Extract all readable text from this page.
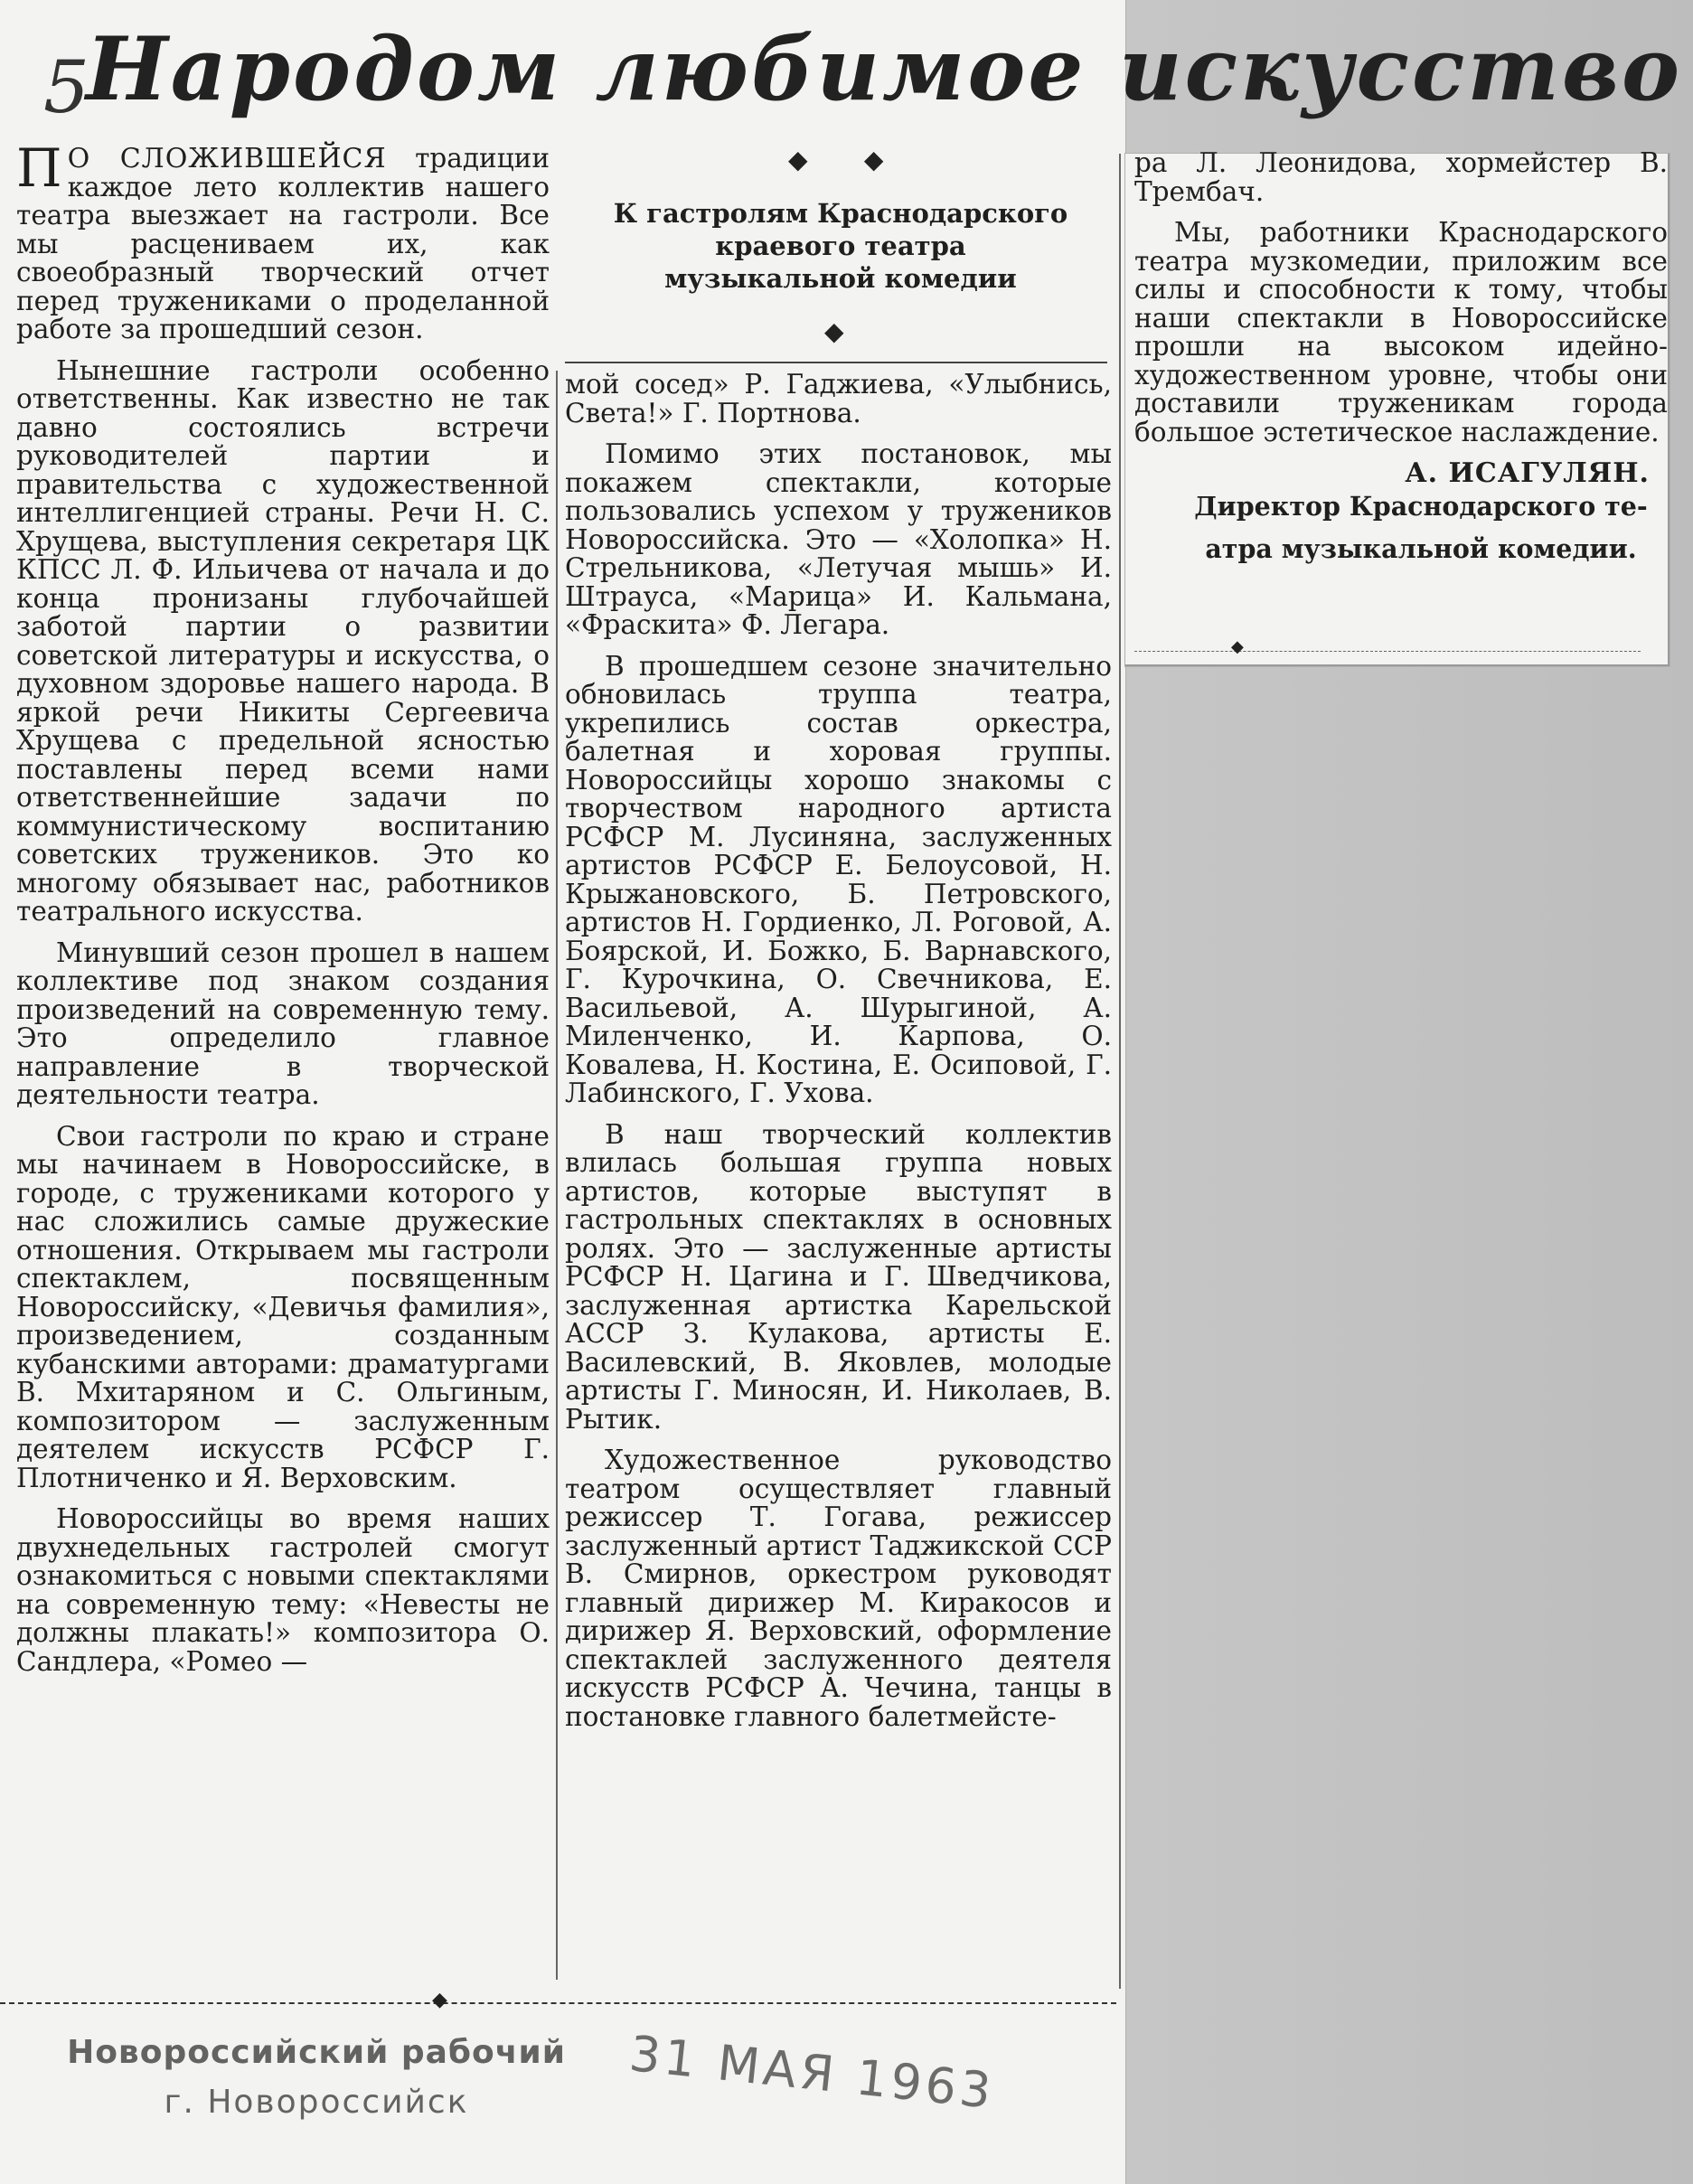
5
Народом любимое искусство
◆       ◆
К гастролям Краснодарского
краевого театра
музыкальной комедии
◆

П О СЛОЖИВШЕЙСЯ традиции каждое лето коллектив нашего театра выезжает на гастроли. Все мы расцениваем их, как своеобразный творческий отчет перед тружениками о проделанной работе за прошедший сезон.

Нынешние гастроли особенно ответственны. Как известно не так давно состоялись встречи руководителей партии и правительства с художественной интеллигенцией страны. Речи Н. С. Хрущева, выступления секретаря ЦК КПСС Л. Ф. Ильичева от начала и до конца пронизаны глубочайшей заботой партии о развитии советской литературы и искусства, о духовном здоровье нашего народа. В яркой речи Никиты Сергеевича Хрущева с предельной ясностью поставлены перед всеми нами ответственнейшие задачи по коммунистическому воспитанию советских тружеников. Это ко многому обязывает нас, работников театрального искусства.

Минувший сезон прошел в нашем коллективе под знаком создания произведений на современную тему. Это определило главное направление в творческой деятельности театра.

Свои гастроли по краю и стране мы начинаем в Новороссийске, в городе, с тружениками которого у нас сложились самые дружеские отношения. Открываем мы гастроли спектаклем, посвященным Новороссийску, «Девичья фамилия», произведением, созданным кубанскими авторами: драматургами В. Мхитаряном и С. Ольгиным, композитором — заслуженным деятелем искусств РСФСР Г. Плотниченко и Я. Верховским.

Новороссийцы во время наших двухнедельных гастролей смогут ознакомиться с новыми спектаклями на современную тему: «Невесты не должны плакать!» композитора О. Сандлера, «Ромео —

мой сосед» Р. Гаджиева, «Улыбнись, Света!» Г. Портнова.

Помимо этих постановок, мы покажем спектакли, которые пользовались успехом у тружеников Новороссийска. Это — «Холопка» Н. Стрельникова, «Летучая мышь» И. Штрауса, «Марица» И. Кальмана, «Фраскита» Ф. Легара.

В прошедшем сезоне значительно обновилась труппа театра, укрепились состав оркестра, балетная и хоровая группы. Новороссийцы хорошо знакомы с творчеством народного артиста РСФСР М. Лусиняна, заслуженных артистов РСФСР Е. Белоусовой, Н. Крыжановского, Б. Петровского, артистов Н. Гордиенко, Л. Роговой, А. Боярской, И. Божко, Б. Варнавского, Г. Курочкина, О. Свечникова, Е. Васильевой, А. Шурыгиной, А. Миленченко, И. Карпова, О. Ковалева, Н. Костина, Е. Осиповой, Г. Лабинского, Г. Ухова.

В наш творческий коллектив влилась большая группа новых артистов, которые выступят в гастрольных спектаклях в основных ролях. Это — заслуженные артисты РСФСР Н. Цагина и Г. Шведчикова, заслуженная артистка Карельской АССР З. Кулакова, артисты Е. Василевский, В. Яковлев, молодые артисты Г. Миносян, И. Николаев, В. Рытик.

Художественное руководство театром осуществляет главный режиссер Т. Гогава, режиссер заслуженный артист Таджикской ССР В. Смирнов, оркестром руководят главный дирижер М. Киракосов и дирижер Я. Верховский, оформление спектаклей заслуженного деятеля искусств РСФСР А. Чечина, танцы в постановке главного балетмейсте-

ра Л. Леонидова, хормейстер В. Трембач.

Мы, работники Краснодарского театра музкомедии, приложим все силы и способности к тому, чтобы наши спектакли в Новороссийске прошли на высоком идейно-художественном уровне, чтобы они доставили труженикам города большое эстетическое наслаждение.

А. ИСАГУЛЯН.

Директор Краснодарского те-

атра музыкальной комедии.

◆
◆
Новороссийский рабочий
г. Новороссийск	31 МАЯ 1963
